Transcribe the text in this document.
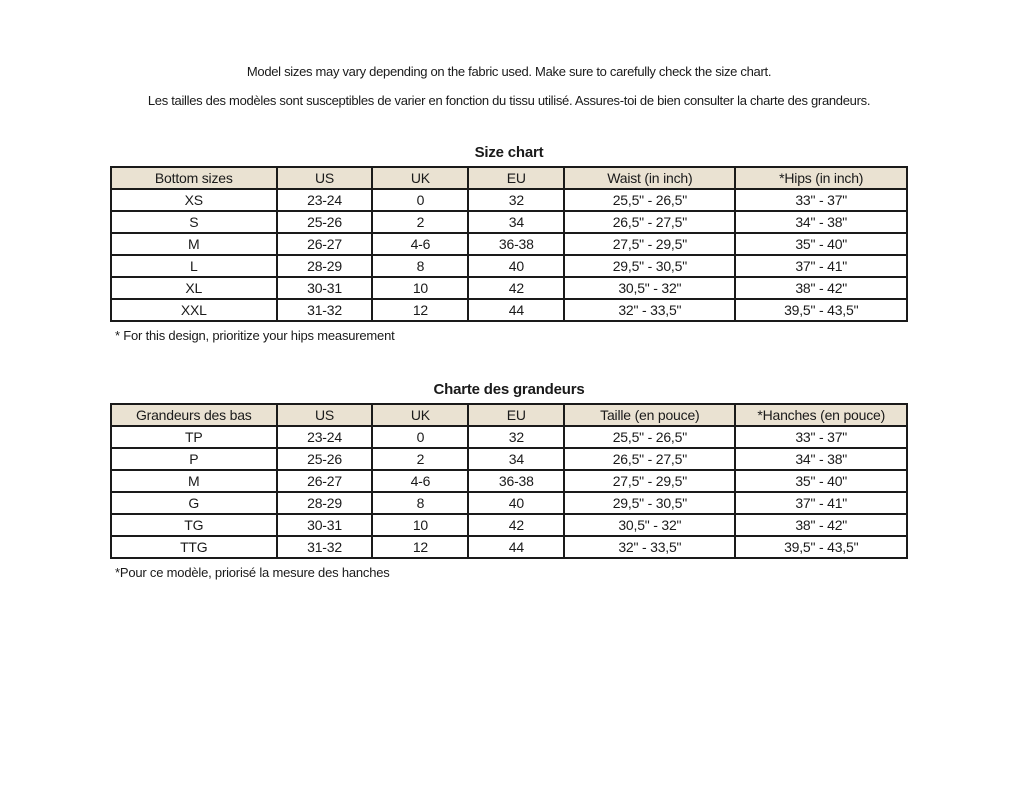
Model sizes may vary depending on the fabric used. Make sure to carefully check the size chart.

Les tailles des modèles sont susceptibles de varier en fonction du tissu utilisé. Assures-toi de bien consulter la charte des grandeurs.

Size chart
Bottom sizes	US	UK	EU	Waist (in inch)	*Hips (in inch)
XS	23-24	0	32	25,5" - 26,5"	33" - 37"
S	25-26	2	34	26,5" - 27,5"	34" - 38"
M	26-27	4-6	36-38	27,5" - 29,5"	35" - 40"
L	28-29	8	40	29,5" - 30,5"	37" - 41"
XL	30-31	10	42	30,5" - 32"	38" - 42"
XXL	31-32	12	44	32" - 33,5"	39,5" - 43,5"

* For this design, prioritize your hips measurement

Charte des grandeurs
Grandeurs des bas	US	UK	EU	Taille (en pouce)	*Hanches (en pouce)
TP	23-24	0	32	25,5" - 26,5"	33" - 37"
P	25-26	2	34	26,5" - 27,5"	34" - 38"
M	26-27	4-6	36-38	27,5" - 29,5"	35" - 40"
G	28-29	8	40	29,5" - 30,5"	37" - 41"
TG	30-31	10	42	30,5" - 32"	38" - 42"
TTG	31-32	12	44	32" - 33,5"	39,5" - 43,5"

*Pour ce modèle, priorisé la mesure des hanches
